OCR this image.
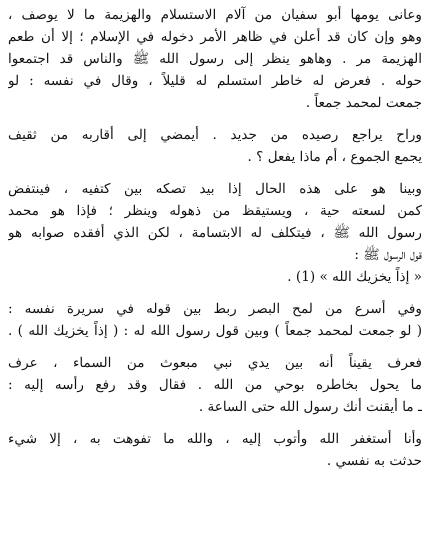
وعانى يومها أبو سفيان من آلام الاستسلام والهزيمة ما لا يوصف ،
وهو وإن كان قد أعلن في ظاهر الأمر دخوله في الإسلام ؛ إلا أن طعم
الهزيمة مر . وهاهو ينظر إلى رسول الله ﷺ والناس قد اجتمعوا
حوله . فعرض له خاطر استسلم له قليلاً ، وقال في نفسه : لو
جمعت لمحمد جمعاً .
وراح يراجع رصيده من جديد . أيمضي إلى أقاربه من ثقيف
يجمع الجموع ، أم ماذا يفعل ؟ .
وبينا هو على هذه الحال إذا بيد تصكه بين كتفيه ، فينتفض
كمن لسعته حية ، ويستيقظ من ذهوله وينظر ؛ فإذا هو محمد
رسول الله ﷺ ، فيتكلف له الابتسامة ، لكن الذي أفقده صوابه هو
قول الرسول ﷺ :
« إذاً يخزيك الله » (1) .
وفي أسرع من لمح البصر ربط بين قوله في سريرة نفسه :
( لو جمعت لمحمد جمعاً ) وبين قول رسول الله له : ( إذاً يخزيك الله ) .
فعرف يقيناً أنه بين يدي نبي مبعوث من السماء ، عرف
ما يحول بخاطره بوحي من الله . فقال وقد رفع رأسه إليه :
ـ ما أيقنت أنك رسول الله حتى الساعة .
وأنا أستغفر الله وأتوب إليه ، والله ما تفوهت به ، إلا شيء
حدثت به نفسي .
